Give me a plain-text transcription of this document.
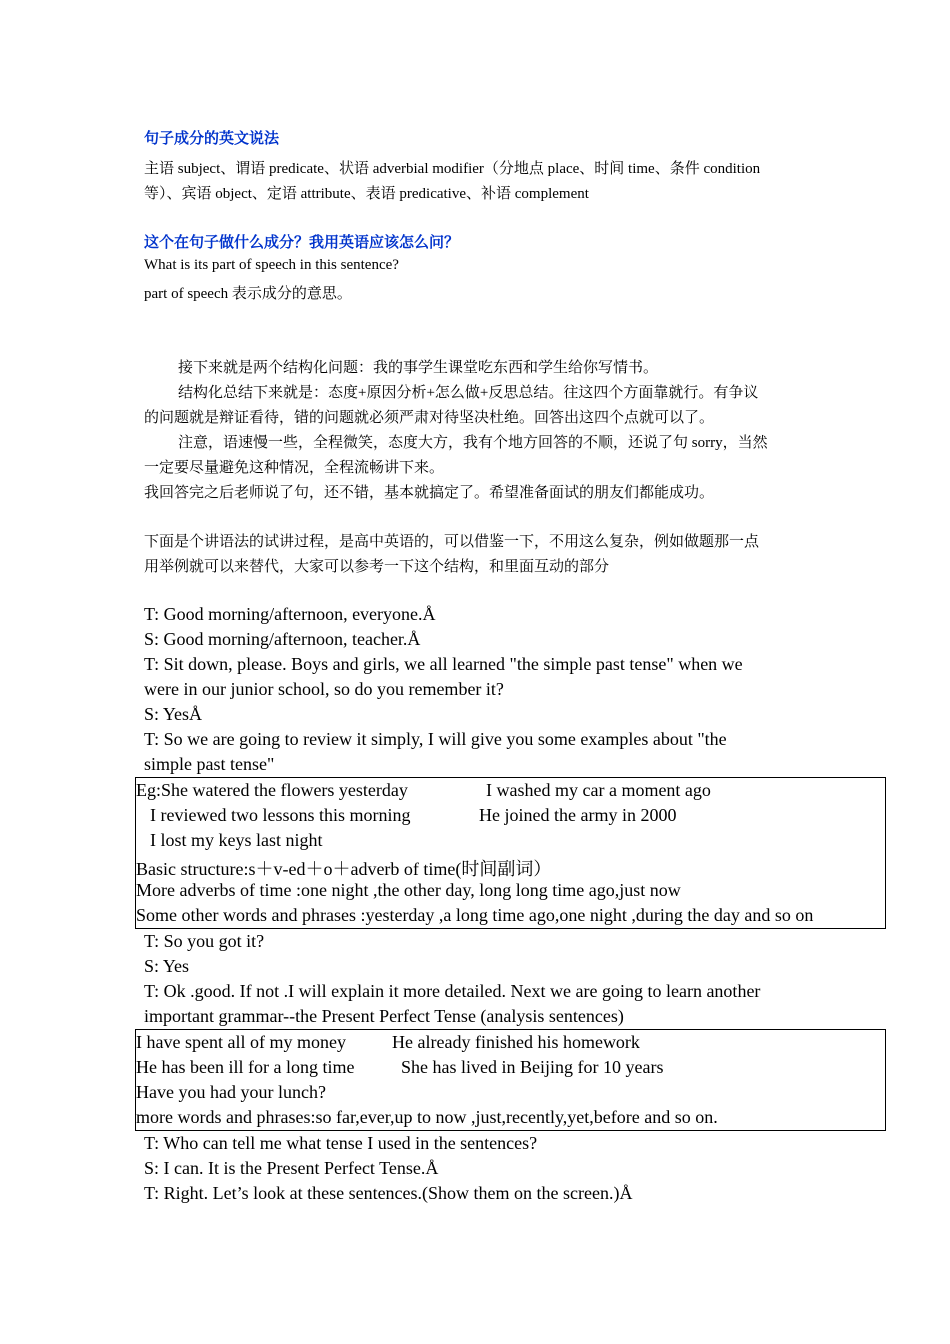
句子成分的英文说法
主语 subject、谓语 predicate、状语 adverbial modifier（分地点 place、时间 time、条件 condition
等）、宾语 object、定语 attribute、表语 predicative、补语 complement
这个在句子做什么成分？我用英语应该怎么问？
What is its part of speech in this sentence?
part of speech 表示成分的意思。
接下来就是两个结构化问题：我的事学生课堂吃东西和学生给你写情书。
结构化总结下来就是：态度+原因分析+怎么做+反思总结。往这四个方面靠就行。有争议
的问题就是辩证看待，错的问题就必须严肃对待坚决杜绝。回答出这四个点就可以了。
注意，语速慢一些，全程微笑，态度大方，我有个地方回答的不顺，还说了句 sorry，当然
一定要尽量避免这种情况，全程流畅讲下来。
我回答完之后老师说了句，还不错，基本就搞定了。希望准备面试的朋友们都能成功。
下面是个讲语法的试讲过程，是高中英语的，可以借鉴一下，不用这么复杂，例如做题那一点
用举例就可以来替代，大家可以参考一下这个结构，和里面互动的部分
T: Good morning/afternoon, everyone.Å
S: Good morning/afternoon, teacher.Å
T: Sit down, please. Boys and girls, we all learned "the simple past tense" when we
were in our junior school, so do you remember it?
S: YesÅ
T: So we are going to review it simply, I will give you some examples about "the
simple past tense"
Eg:She watered the flowers yesterday	I washed my car a moment ago
I reviewed two lessons this morning	He joined the army in 2000
I lost my keys last night
Basic structure:s＋v-ed＋o＋adverb of time(时间副词）
More adverbs of time :one night ,the other day, long long time ago,just now
Some other words and phrases :yesterday ,a long time ago,one night ,during the day and so on
T: So you got it?
S: Yes
T: Ok .good. If not .I will explain it more detailed. Next we are going to learn another
important grammar--the Present Perfect Tense (analysis sentences)
I have spent all of my money	He already finished his homework
He has been ill for a long time	She has lived in Beijing for 10 years
Have you had your lunch?
more words and phrases:so far,ever,up to now ,just,recently,yet,before and so on.
T: Who can tell me what tense I used in the sentences?
S: I can. It is the Present Perfect Tense.Å
T: Right. Let’s look at these sentences.(Show them on the screen.)Å
